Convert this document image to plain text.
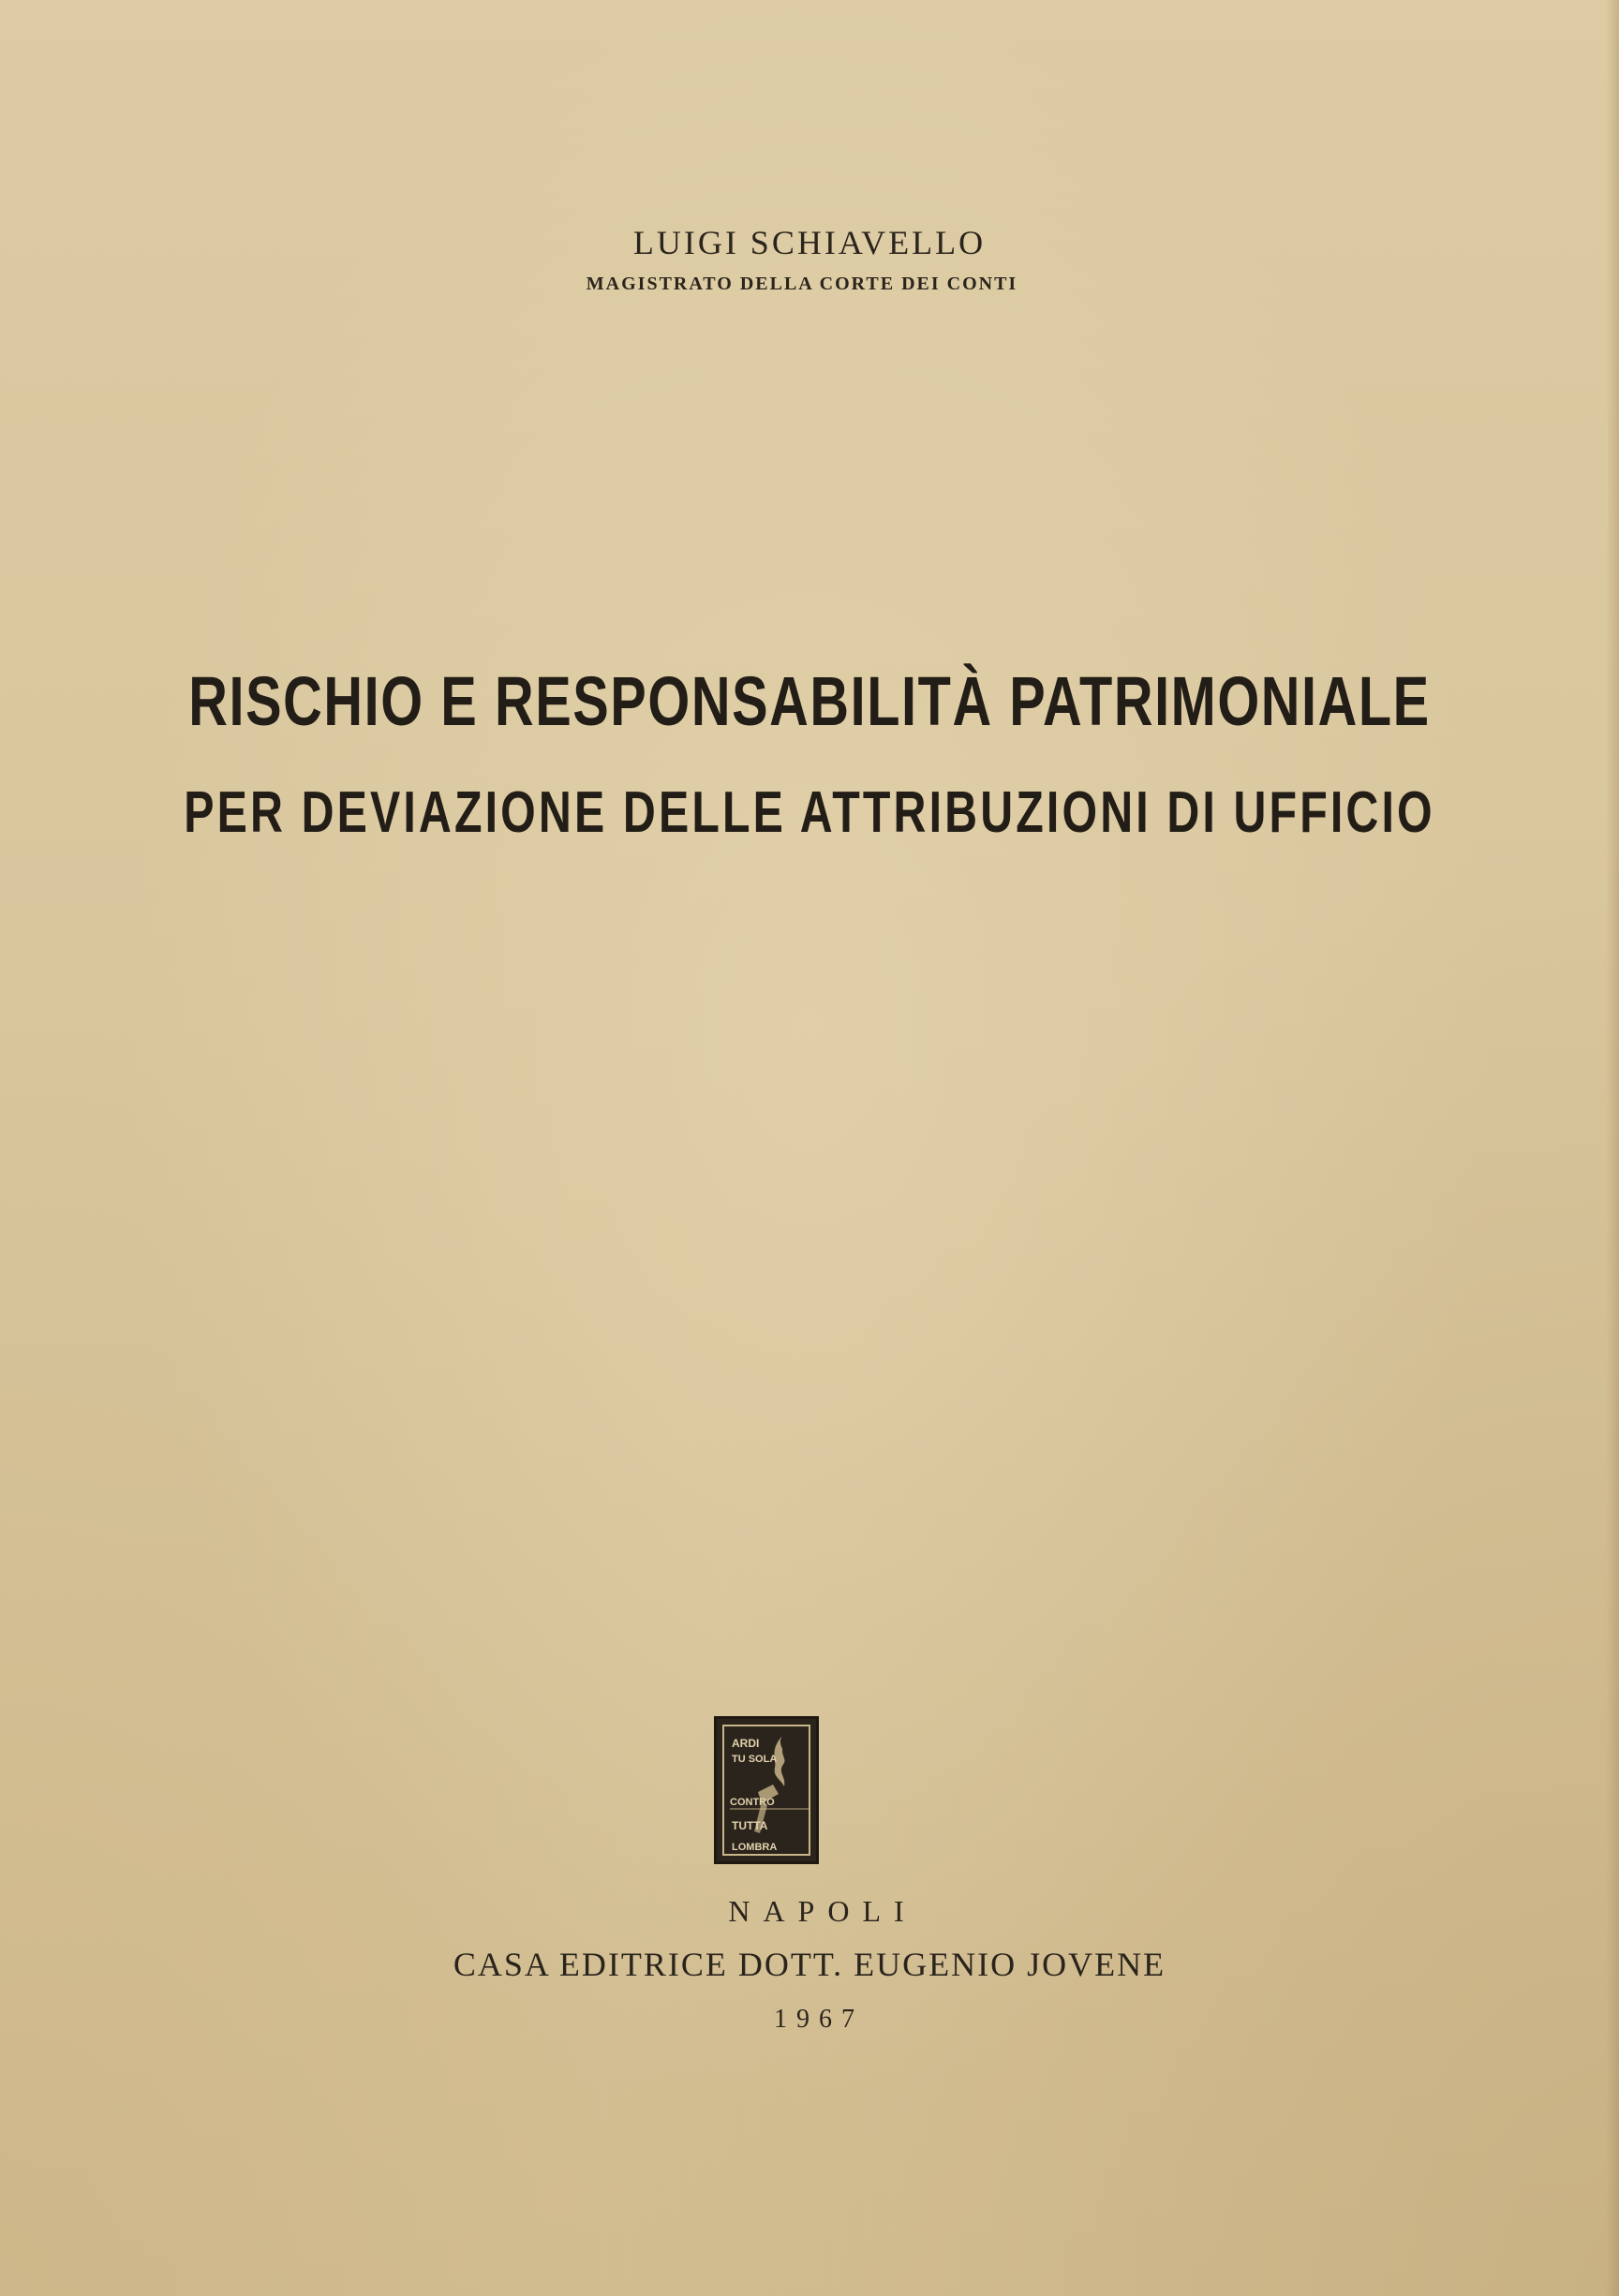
LUIGI SCHIAVELLO
MAGISTRATO DELLA CORTE DEI CONTI
RISCHIO E RESPONSABILITÀ PATRIMONIALE
PER DEVIAZIONE DELLE ATTRIBUZIONI DI UFFICIO
ARDI
TU SOLA
CONTRO
TUTTA
LOMBRA
NAPOLI
CASA EDITRICE DOTT. EUGENIO JOVENE
1967
